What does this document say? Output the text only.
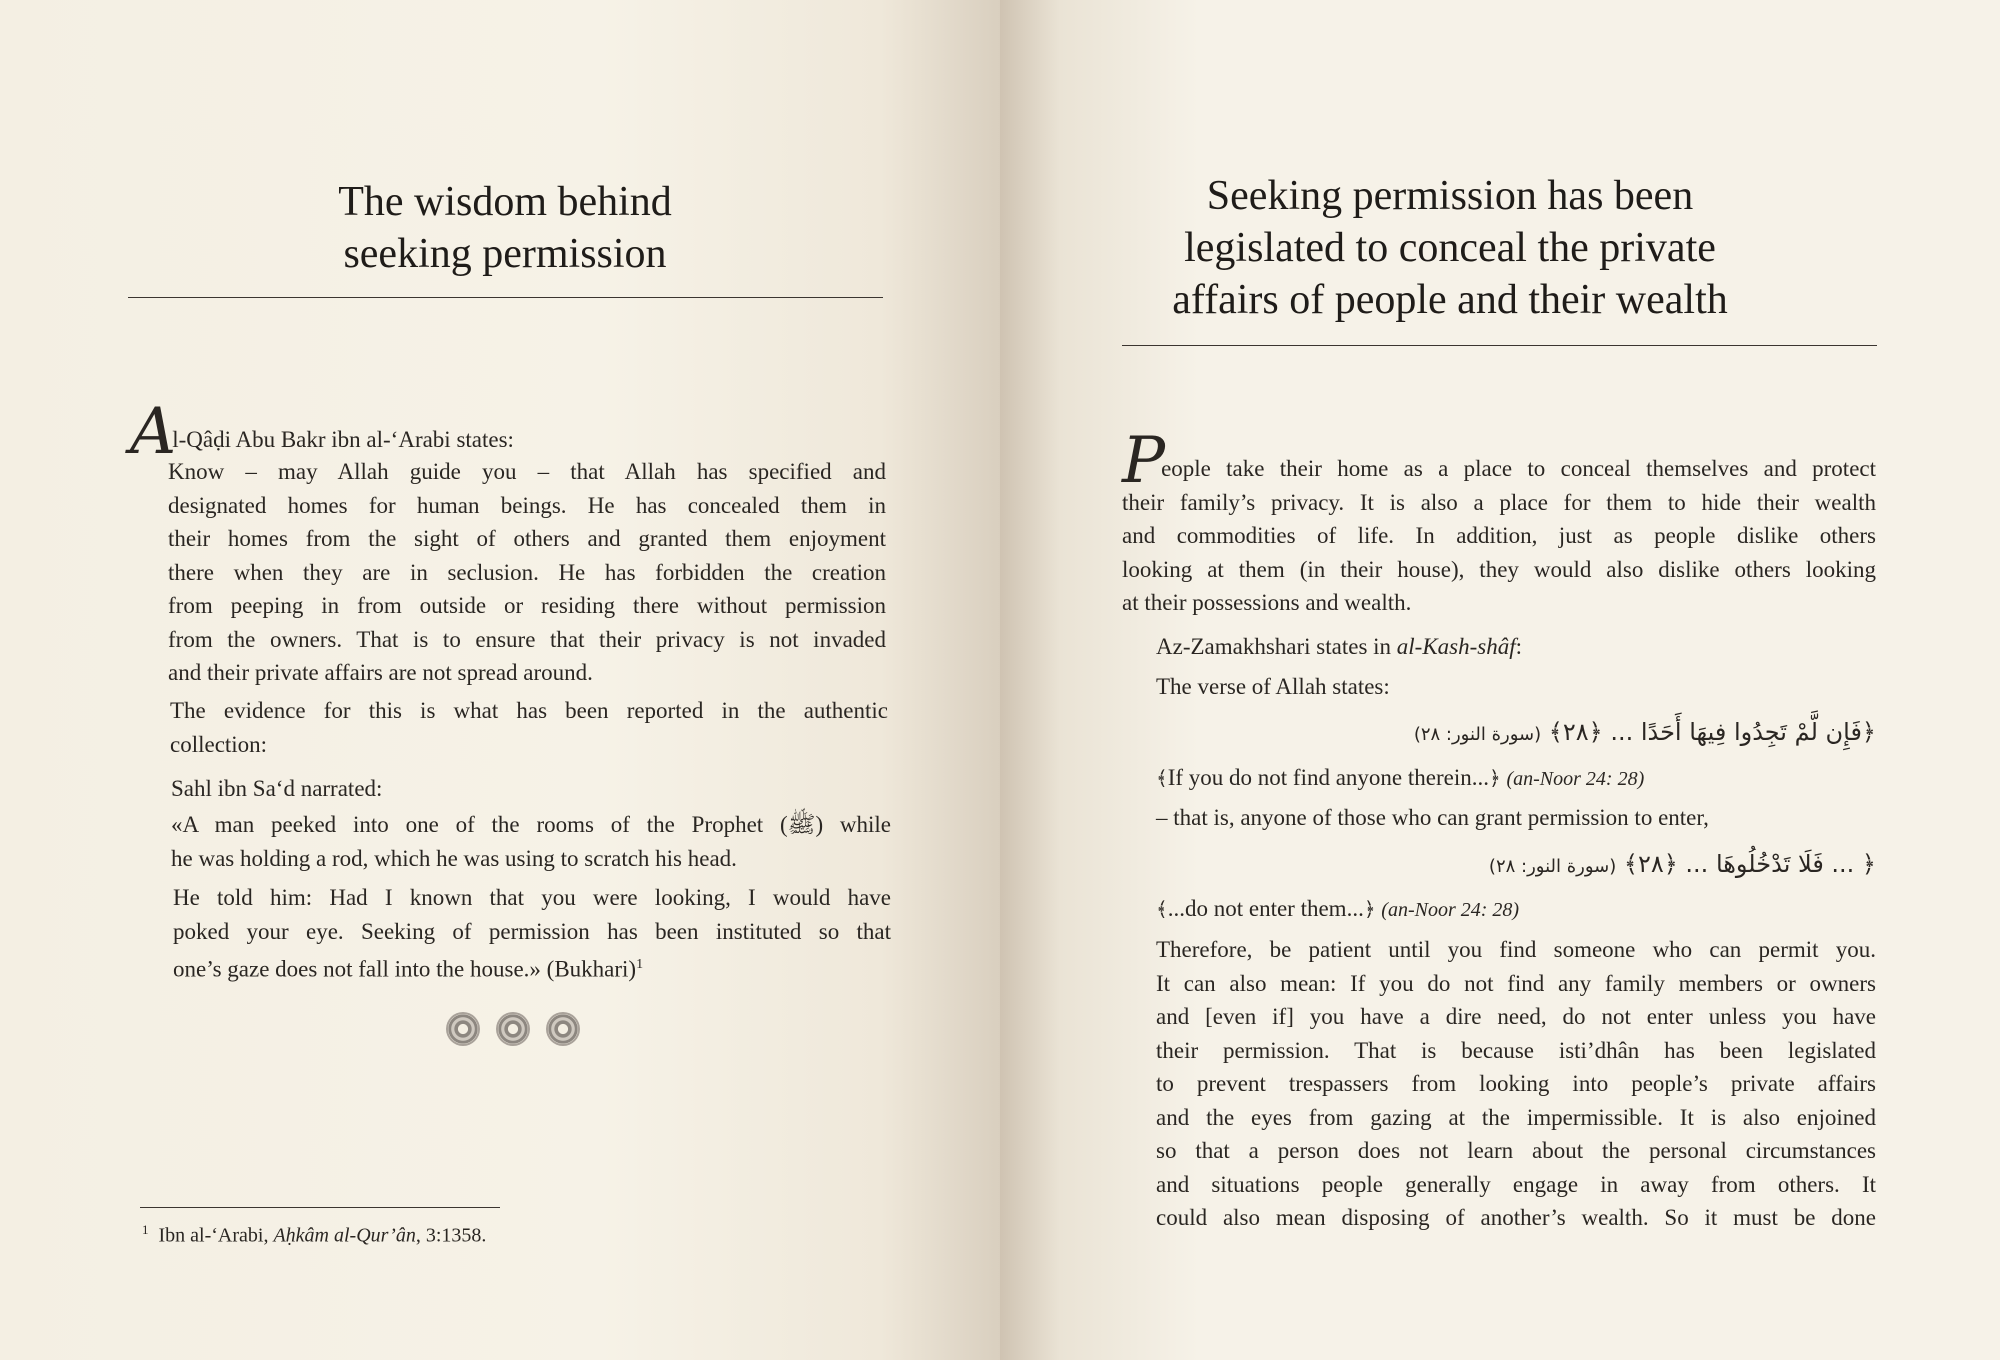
The wisdom behind
seeking permission

Al-Qâḍi Abu Bakr ibn al-‘Arabi states:

Know – may Allah guide you – that Allah has specified and
designated homes for human beings. He has concealed them in
their homes from the sight of others and granted them enjoyment
there when they are in seclusion. He has forbidden the creation
from peeping in from outside or residing there without permission
from the owners. That is to ensure that their privacy is not invaded
and their private affairs are not spread around.
The evidence for this is what has been reported in the authentic
collection:
Sahl ibn Sa‘d narrated:
«A man peeked into one of the rooms of the Prophet (ﷺ) while
he was holding a rod, which he was using to scratch his head.
He told him: Had I known that you were looking, I would have
poked your eye. Seeking of permission has been instituted so that
one’s gaze does not fall into the house.» (Bukhari)$^1$
$^1$ Ibn al-‘Arabi, Aḥkâm al-Qur’ân, 3:1358.
Seeking permission has been
legislated to conceal the private
affairs of people and their wealth
People take their home as a place to conceal themselves and protect
their family’s privacy. It is also a place for them to hide their wealth
and commodities of life. In addition, just as people dislike others
looking at them (in their house), they would also dislike others looking
at their possessions and wealth.
Az-Zamakhshari states in al-Kash-shâf:
The verse of Allah states:
﴿فَإِن لَّمْ تَجِدُوا فِيهَا أَحَدًا ... ﴿٢٨﴾ (سورة النور: ٢٨)
﴾If you do not find anyone therein...﴿ (an-Noor 24: 28)
– that is, anyone of those who can grant permission to enter,
﴿ ... فَلَا تَدْخُلُوهَا ... ﴿٢٨﴾ (سورة النور: ٢٨)
﴾...do not enter them...﴿ (an-Noor 24: 28)
Therefore, be patient until you find someone who can permit you.
It can also mean: If you do not find any family members or owners
and [even if] you have a dire need, do not enter unless you have
their permission. That is because isti’dhân has been legislated
to prevent trespassers from looking into people’s private affairs
and the eyes from gazing at the impermissible. It is also enjoined
so that a person does not learn about the personal circumstances
and situations people generally engage in away from others. It
could also mean disposing of another’s wealth. So it must be done
